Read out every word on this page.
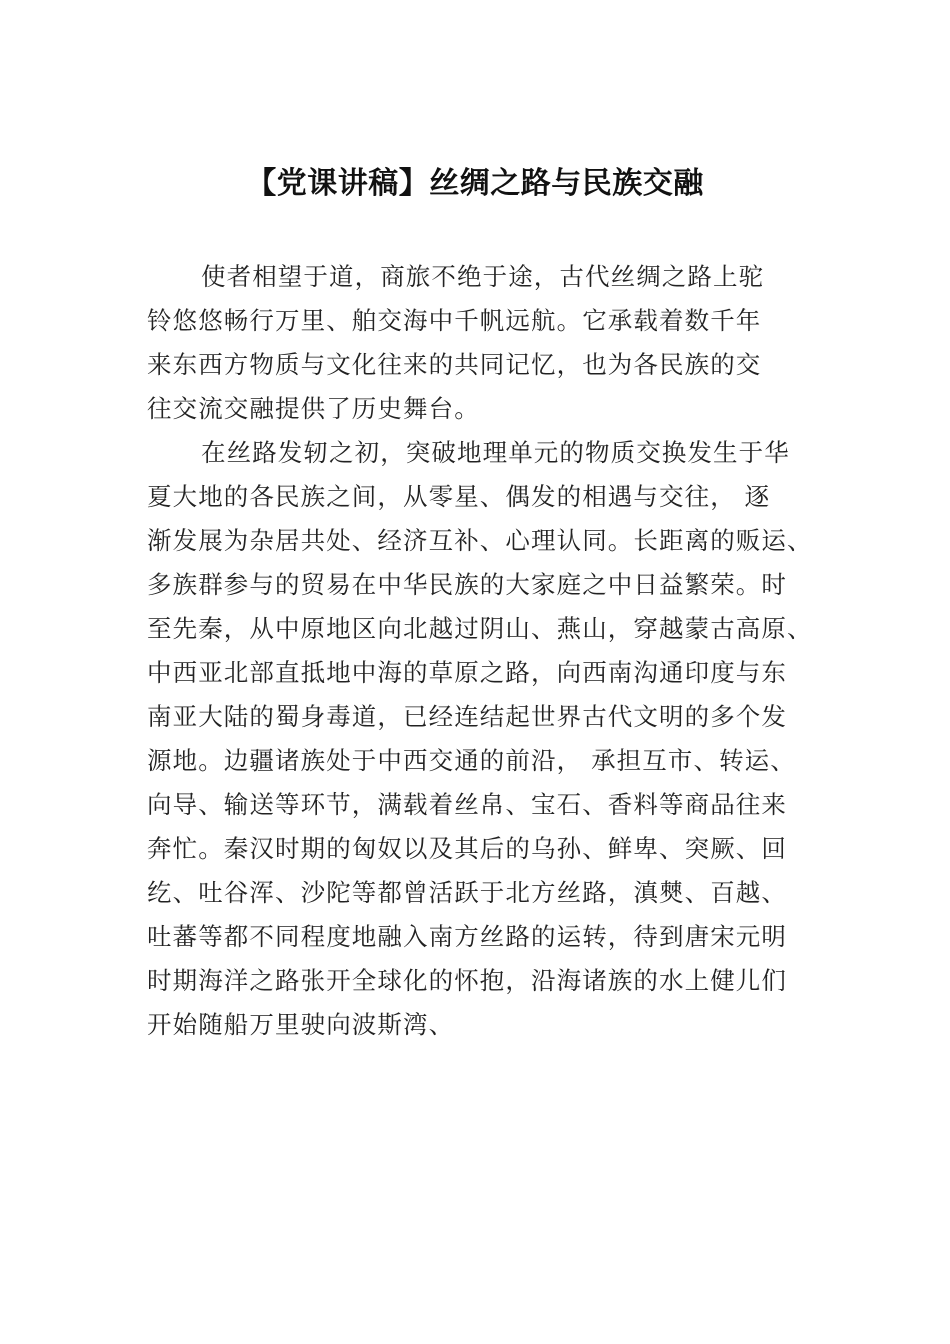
【党课讲稿】丝绸之路与民族交融
使者相望于道，商旅不绝于途，古代丝绸之路上驼
铃悠悠畅行万里、舶交海中千帆远航。它承载着数千年
来东西方物质与文化往来的共同记忆，也为各民族的交
往交流交融提供了历史舞台。
在丝路发轫之初，突破地理单元的物质交换发生于华
夏大地的各民族之间，从零星、偶发的相遇与交往， 逐
渐发展为杂居共处、经济互补、心理认同。长距离的贩运、
多族群参与的贸易在中华民族的大家庭之中日益繁荣。时
至先秦，从中原地区向北越过阴山、燕山，穿越蒙古高原、
中西亚北部直抵地中海的草原之路，向西南沟通印度与东
南亚大陆的蜀身毒道，已经连结起世界古代文明的多个发
源地。边疆诸族处于中西交通的前沿， 承担互市、转运、
向导、输送等环节，满载着丝帛、宝石、香料等商品往来
奔忙。秦汉时期的匈奴以及其后的乌孙、鲜卑、突厥、回
纥、吐谷浑、沙陀等都曾活跃于北方丝路，滇僰、百越、
吐蕃等都不同程度地融入南方丝路的运转，待到唐宋元明
时期海洋之路张开全球化的怀抱，沿海诸族的水上健儿们
开始随船万里驶向波斯湾、
